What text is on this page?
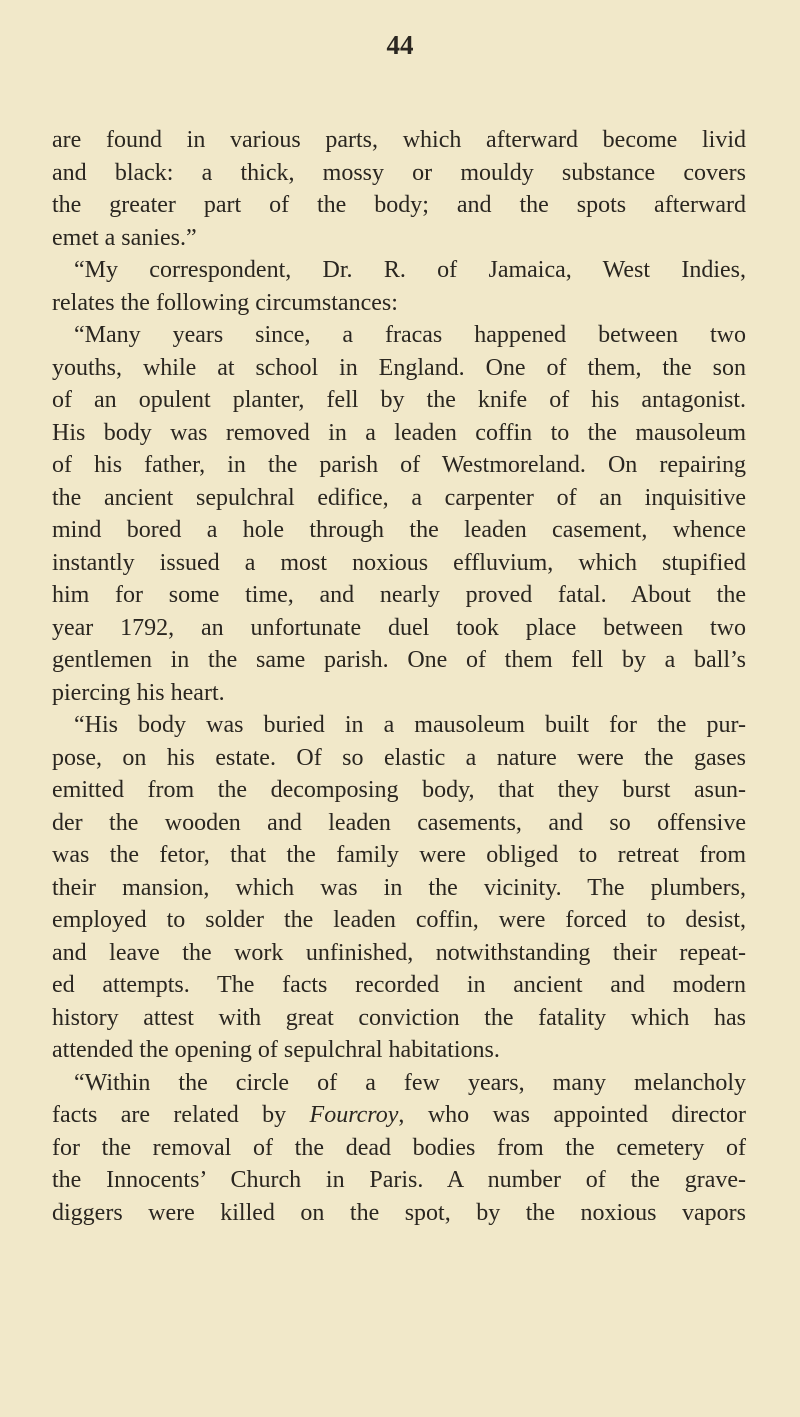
44
are found in various parts, which afterward become livid
and black: a thick, mossy or mouldy substance covers
the greater part of the body; and the spots afterward
emet a sanies.”
“My correspondent, Dr. R. of Jamaica, West Indies,
relates the following circumstances:
“Many years since, a fracas happened between two
youths, while at school in England. One of them, the son
of an opulent planter, fell by the knife of his antagonist.
His body was removed in a leaden coffin to the mausoleum
of his father, in the parish of Westmoreland. On repairing
the ancient sepulchral edifice, a carpenter of an inquisitive
mind bored a hole through the leaden casement, whence
instantly issued a most noxious effluvium, which stupified
him for some time, and nearly proved fatal. About the
year 1792, an unfortunate duel took place between two
gentlemen in the same parish. One of them fell by a ball’s
piercing his heart.
“His body was buried in a mausoleum built for the pur-
pose, on his estate. Of so elastic a nature were the gases
emitted from the decomposing body, that they burst asun-
der the wooden and leaden casements, and so offensive
was the fetor, that the family were obliged to retreat from
their mansion, which was in the vicinity. The plumbers,
employed to solder the leaden coffin, were forced to desist,
and leave the work unfinished, notwithstanding their repeat-
ed attempts. The facts recorded in ancient and modern
history attest with great conviction the fatality which has
attended the opening of sepulchral habitations.
“Within the circle of a few years, many melancholy
facts are related by Fourcroy, who was appointed director
for the removal of the dead bodies from the cemetery of
the Innocents’ Church in Paris. A number of the grave-
diggers were killed on the spot, by the noxious vapors
